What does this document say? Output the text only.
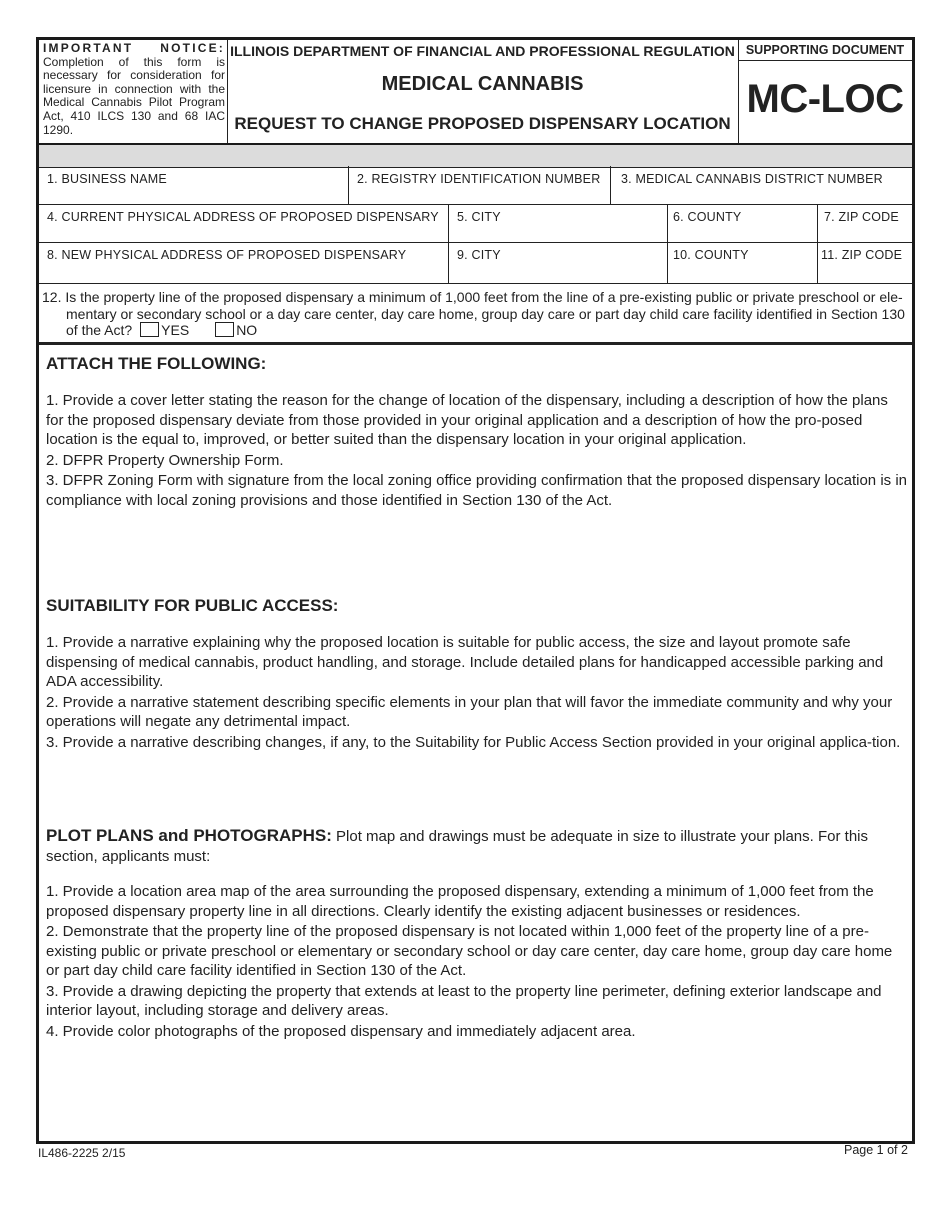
IMPORTANT NOTICE: Completion of this form is necessary for consideration for licensure in connection with the Medical Cannabis Pilot Program Act, 410 ILCS 130 and 68 IAC 1290.
ILLINOIS DEPARTMENT OF FINANCIAL AND PROFESSIONAL REGULATION
MEDICAL CANNABIS
REQUEST TO CHANGE PROPOSED DISPENSARY LOCATION
SUPPORTING DOCUMENT
MC-LOC
1. BUSINESS NAME	2. REGISTRY IDENTIFICATION NUMBER 3. MEDICAL CANNABIS DISTRICT NUMBER
4. CURRENT PHYSICAL ADDRESS OF PROPOSED DISPENSARY 5. CITY	6. COUNTY	7. ZIP CODE
8. NEW PHYSICAL ADDRESS OF PROPOSED DISPENSARY	9. CITY	10. COUNTY	11. ZIP CODE
12. Is the property line of the proposed dispensary a minimum of 1,000 feet from the line of a pre-existing public or private preschool or ele-
mentary or secondary school or a day care center, day care home, group day care or part day child care facility identified in Section 130
of the Act? YES	NO
ATTACH THE FOLLOWING:

1. Provide a cover letter stating the reason for the change of location of the dispensary, including a description of how the plans for the proposed dispensary deviate from those provided in your original application and a description of how the pro-posed location is the equal to, improved, or better suited than the dispensary location in your original application.

2. DFPR Property Ownership Form.

3. DFPR Zoning Form with signature from the local zoning office providing confirmation that the proposed dispensary location is in compliance with local zoning provisions and those identified in Section 130 of the Act.

SUITABILITY FOR PUBLIC ACCESS:

1. Provide a narrative explaining why the proposed location is suitable for public access, the size and layout promote safe dispensing of medical cannabis, product handling, and storage. Include detailed plans for handicapped accessible parking and ADA accessibility.

2. Provide a narrative statement describing specific elements in your plan that will favor the immediate community and why your operations will negate any detrimental impact.

3. Provide a narrative describing changes, if any, to the Suitability for Public Access Section provided in your original applica-tion.

PLOT PLANS and PHOTOGRAPHS: Plot map and drawings must be adequate in size to illustrate your plans. For this section, applicants must:

1. Provide a location area map of the area surrounding the proposed dispensary, extending a minimum of 1,000 feet from the proposed dispensary property line in all directions. Clearly identify the existing adjacent businesses or residences.

2. Demonstrate that the property line of the proposed dispensary is not located within 1,000 feet of the property line of a pre-existing public or private preschool or elementary or secondary school or day care center, day care home, group day care home or part day child care facility identified in Section 130 of the Act.

3. Provide a drawing depicting the property that extends at least to the property line perimeter, defining exterior landscape and interior layout, including storage and delivery areas.

4. Provide color photographs of the proposed dispensary and immediately adjacent area.

IL486-2225 2/15	Page 1 of 2
